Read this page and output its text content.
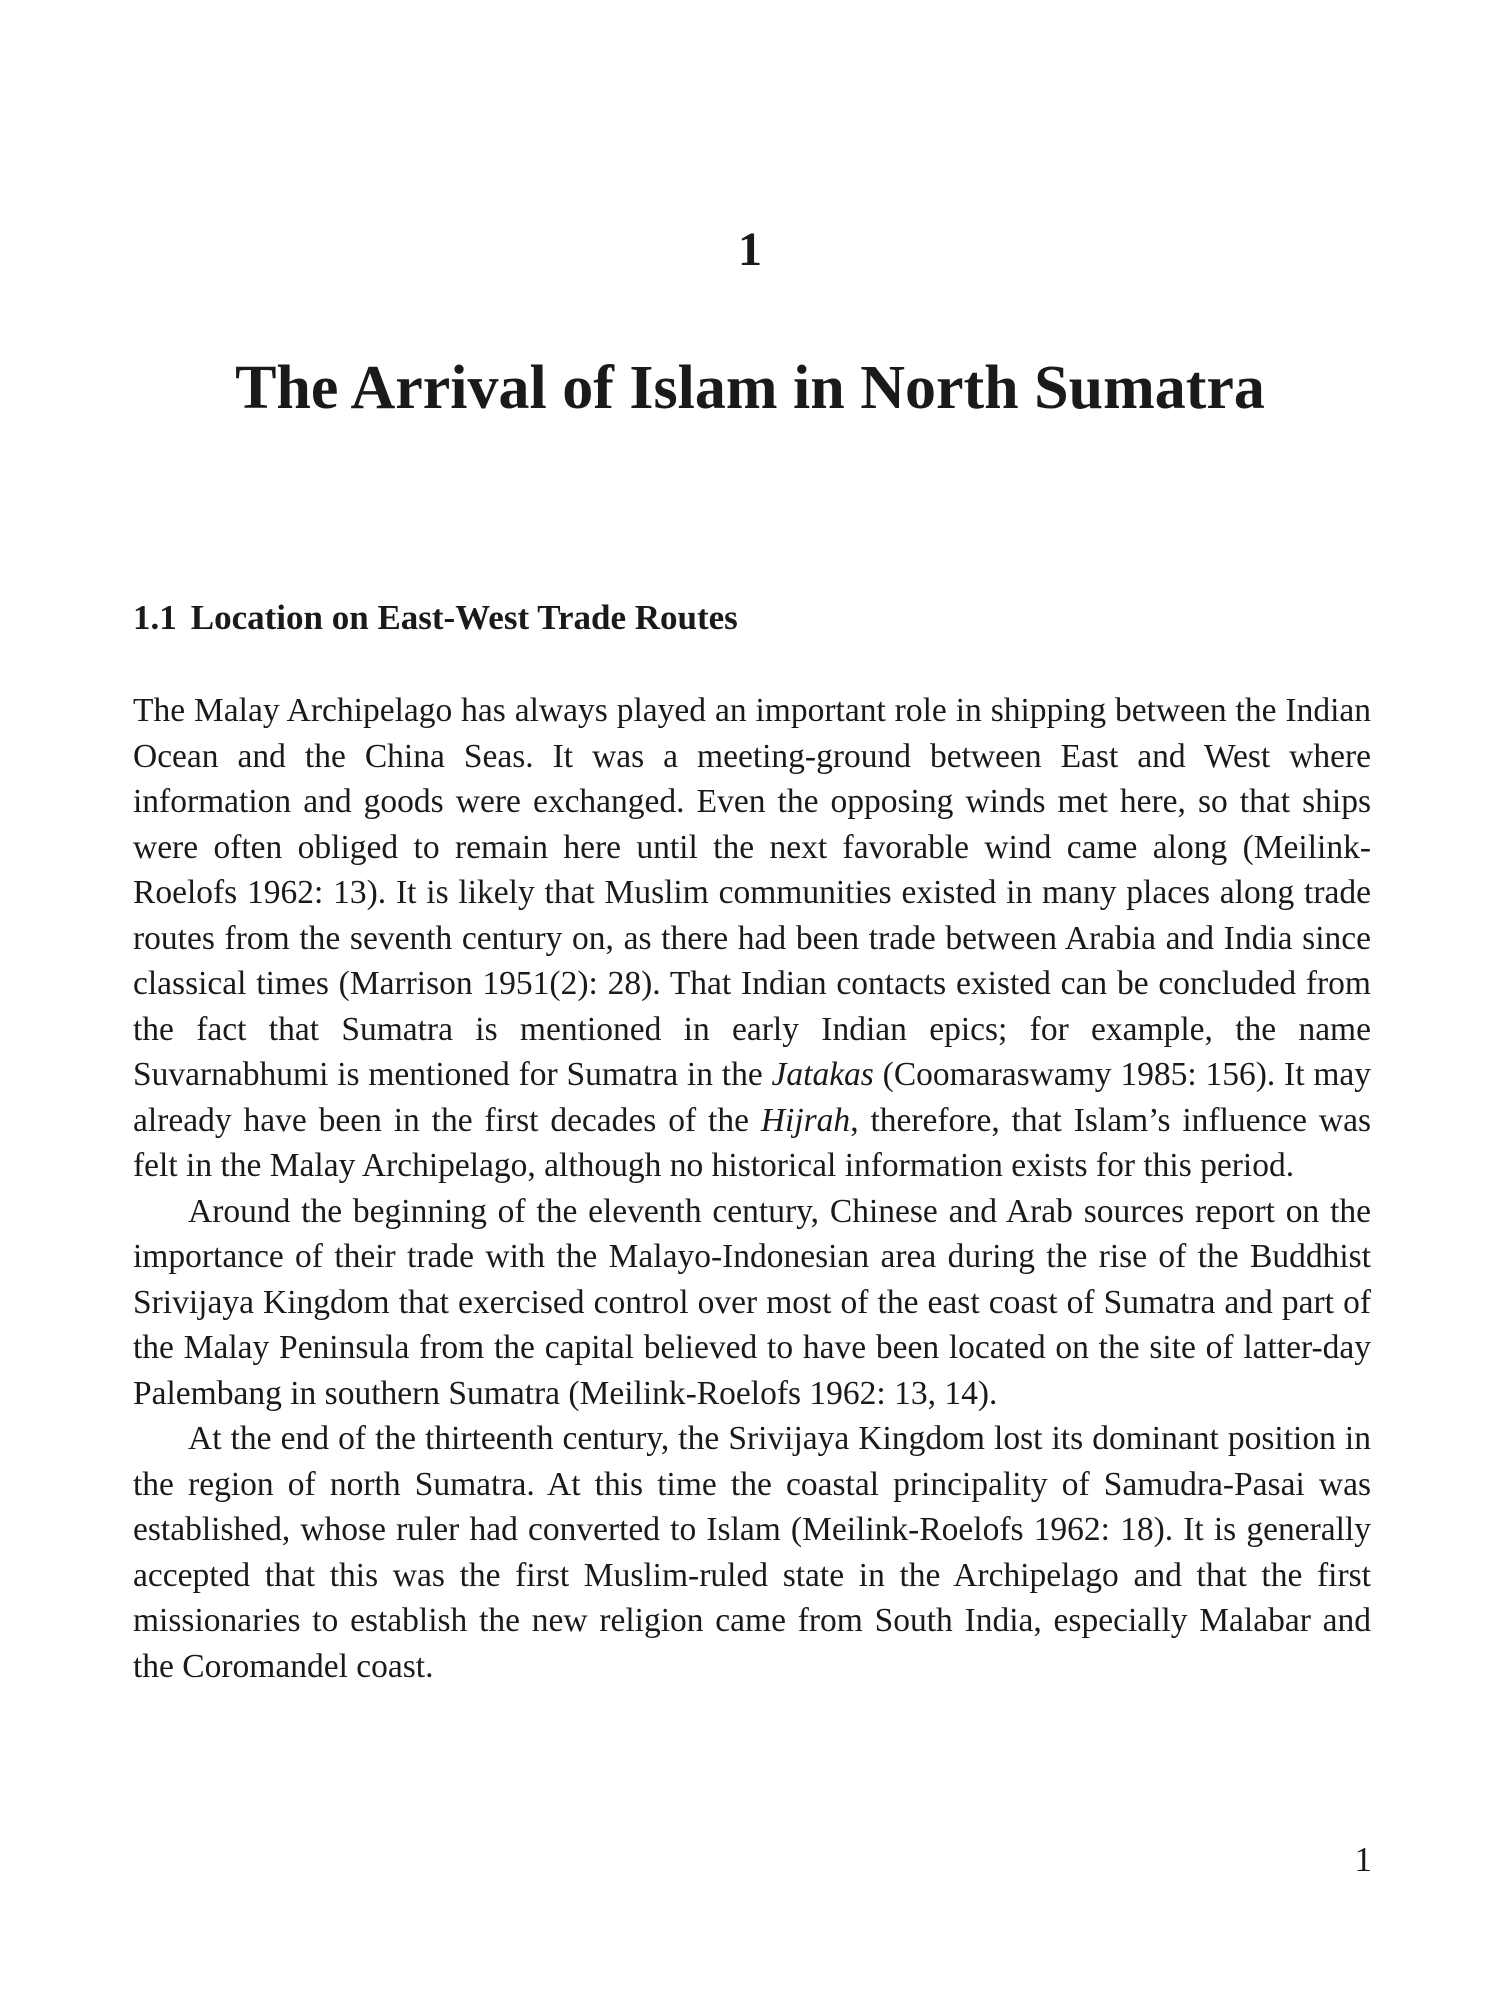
1
The Arrival of Islam in North Sumatra
1.1 Location on East-West Trade Routes

The Malay Archipelago has always played an important role in shipping between the Indian Ocean and the China Seas. It was a meeting-ground between East and West where information and goods were exchanged. Even the opposing winds met here, so that ships were often obliged to remain here until the next favorable wind came along (Meilink-Roelofs 1962: 13). It is likely that Muslim communities existed in many places along trade routes from the seventh century on, as there had been trade between Arabia and India since classical times (Marrison 1951(2): 28). That Indian contacts existed can be concluded from the fact that Sumatra is mentioned in early Indian epics; for example, the name Suvarnabhumi is mentioned for Sumatra in the Jatakas (Coomaraswamy 1985: 156). It may already have been in the first decades of the Hijrah, therefore, that Islam’s influence was felt in the Malay Archipelago, although no historical information exists for this period.

Around the beginning of the eleventh century, Chinese and Arab sources report on the importance of their trade with the Malayo-Indonesian area during the rise of the Buddhist Srivijaya Kingdom that exercised control over most of the east coast of Sumatra and part of the Malay Peninsula from the capital believed to have been located on the site of latter-day Palembang in southern Sumatra (Meilink-Roelofs 1962: 13, 14).

At the end of the thirteenth century, the Srivijaya Kingdom lost its dominant position in the region of north Sumatra. At this time the coastal principality of Samudra-Pasai was established, whose ruler had converted to Islam (Meilink-Roelofs 1962: 18). It is generally accepted that this was the first Muslim-ruled state in the Archipelago and that the first missionaries to establish the new religion came from South India, especially Malabar and the Coromandel coast.

1
